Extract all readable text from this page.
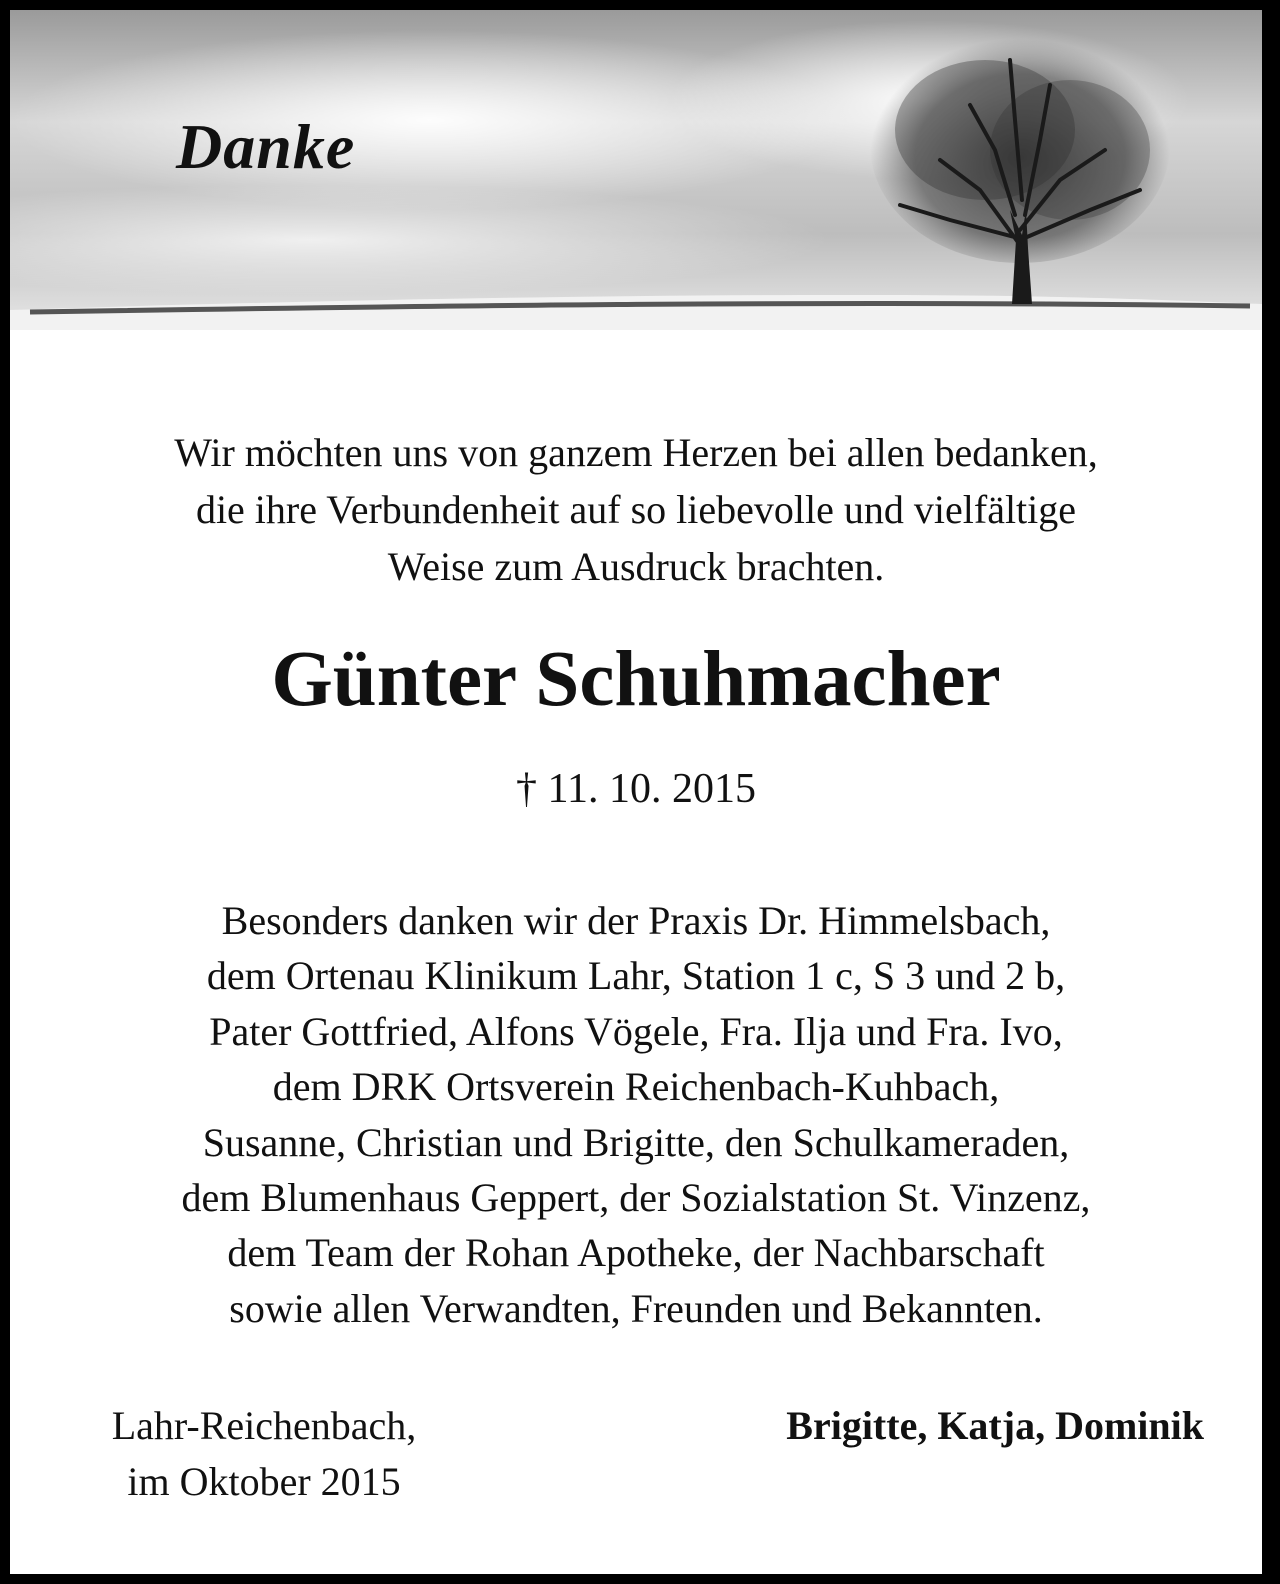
Danke

Wir möchten uns von ganzem Herzen bei allen bedanken,
die ihre Verbundenheit auf so liebevolle und vielfältige
Weise zum Ausdruck brachten.

Günter Schuhmacher

† 11. 10. 2015

Besonders danken wir der Praxis Dr. Himmelsbach,
dem Ortenau Klinikum Lahr, Station 1 c, S 3 und 2 b,
Pater Gottfried, Alfons Vögele, Fra. Ilja und Fra. Ivo,
dem DRK Ortsverein Reichenbach-Kuhbach,
Susanne, Christian und Brigitte, den Schulkameraden,
dem Blumenhaus Geppert, der Sozialstation St. Vinzenz,
dem Team der Rohan Apotheke, der Nachbarschaft
sowie allen Verwandten, Freunden und Bekannten.

Lahr-Reichenbach,
im Oktober 2015

Brigitte, Katja, Dominik
